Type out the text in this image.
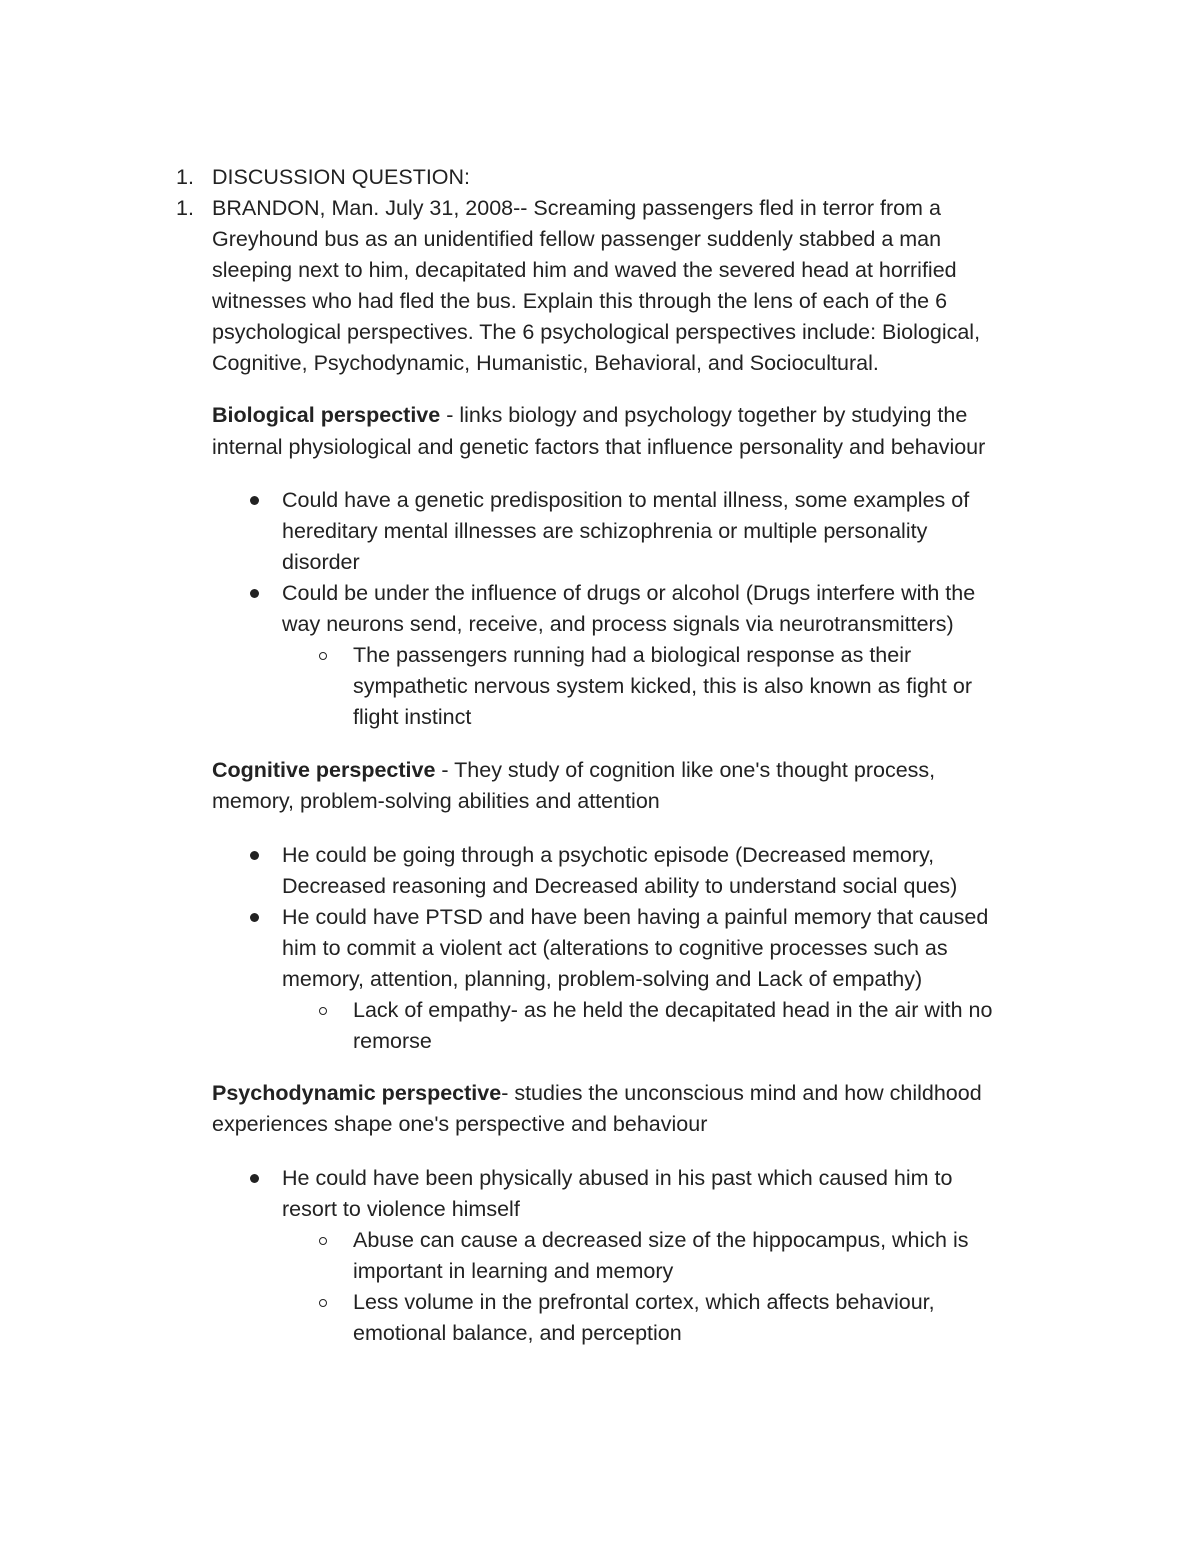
1. DISCUSSION QUESTION:
1. BRANDON, Man. July 31, 2008-- Screaming passengers fled in terror from a
Greyhound bus as an unidentified fellow passenger suddenly stabbed a man
sleeping next to him, decapitated him and waved the severed head at horrified
witnesses who had fled the bus. Explain this through the lens of each of the 6
psychological perspectives. The 6 psychological perspectives include: Biological,
Cognitive, Psychodynamic, Humanistic, Behavioral, and Sociocultural.
Biological perspective - links biology and psychology together by studying the
internal physiological and genetic factors that influence personality and behaviour
Could have a genetic predisposition to mental illness, some examples of
hereditary mental illnesses are schizophrenia or multiple personality
disorder
Could be under the influence of drugs or alcohol (Drugs interfere with the
way neurons send, receive, and process signals via neurotransmitters)
The passengers running had a biological response as their
sympathetic nervous system kicked, this is also known as fight or
flight instinct
Cognitive perspective - They study of cognition like one's thought process,
memory, problem-solving abilities and attention
He could be going through a psychotic episode (Decreased memory,
Decreased reasoning and Decreased ability to understand social ques)
He could have PTSD and have been having a painful memory that caused
him to commit a violent act (alterations to cognitive processes such as
memory, attention, planning, problem-solving and Lack of empathy)
Lack of empathy- as he held the decapitated head in the air with no
remorse
Psychodynamic perspective- studies the unconscious mind and how childhood
experiences shape one's perspective and behaviour
He could have been physically abused in his past which caused him to
resort to violence himself
Abuse can cause a decreased size of the hippocampus, which is
important in learning and memory
Less volume in the prefrontal cortex, which affects behaviour,
emotional balance, and perception
